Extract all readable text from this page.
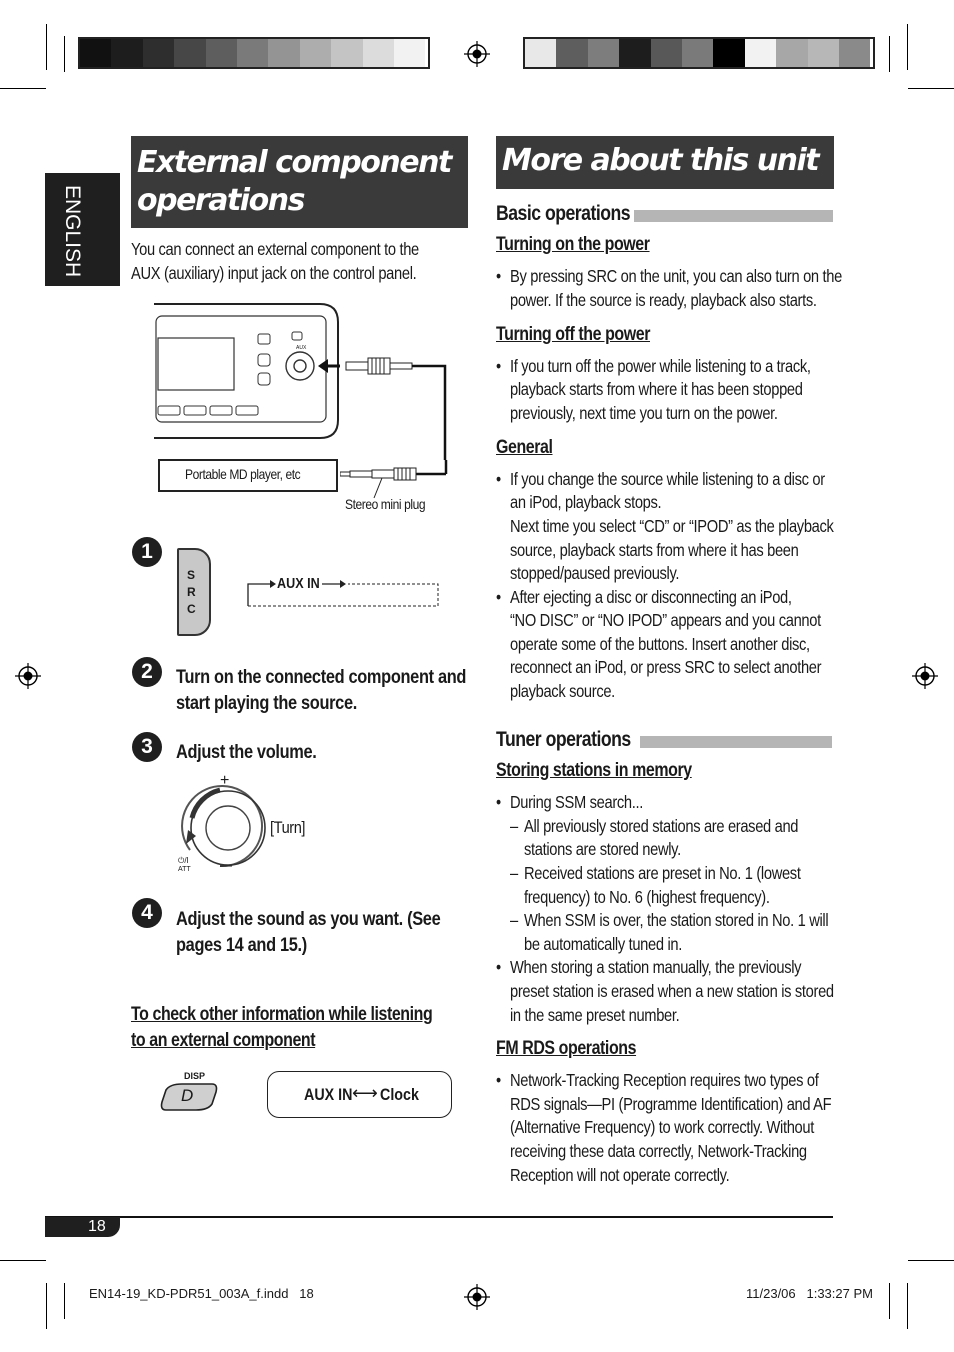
ENGLISH
External component
operations
You can connect an external component to the
AUX (auxiliary) input jack on the control panel.
AUX
Portable MD player, etc
Stereo mini plug
1
S
R
C
AUX IN
2	Turn on the connected component and
start playing the source.
3	Adjust the volume.
+
—
⏻/I
ATT
[Turn]
4	Adjust the sound as you want. (See
pages 14 and 15.)
To check other information while listening
to an external component
DISP
D	AUX IN ⟷ Clock
More about this unit
Basic operations
Turning on the power
• By pressing SRC on the unit, you can also turn on the
power. If the source is ready, playback also starts.
Turning off the power
• If you turn off the power while listening to a track,
playback starts from where it has been stopped
previously, next time you turn on the power.
General
• If you change the source while listening to a disc or
an iPod, playback stops.
Next time you select “CD” or “IPOD” as the playback
source, playback starts from where it has been
stopped/paused previously.
• After ejecting a disc or disconnecting an iPod,
“NO DISC” or “NO IPOD” appears and you cannot
operate some of the buttons. Insert another disc,
reconnect an iPod, or press SRC to select another
playback source.
Tuner operations
Storing stations in memory
• During SSM search...
– All previously stored stations are erased and
stations are stored newly.
– Received stations are preset in No. 1 (lowest
frequency) to No. 6 (highest frequency).
– When SSM is over, the station stored in No. 1 will
be automatically tuned in.
• When storing a station manually, the previously
preset station is erased when a new station is stored
in the same preset number.
FM RDS operations
• Network-Tracking Reception requires two types of
RDS signals—PI (Programme Identification) and AF
(Alternative Frequency) to work correctly. Without
receiving these data correctly, Network-Tracking
Reception will not operate correctly.
18
EN14-19_KD-PDR51_003A_f.indd   18	11/23/06   1:33:27 PM
